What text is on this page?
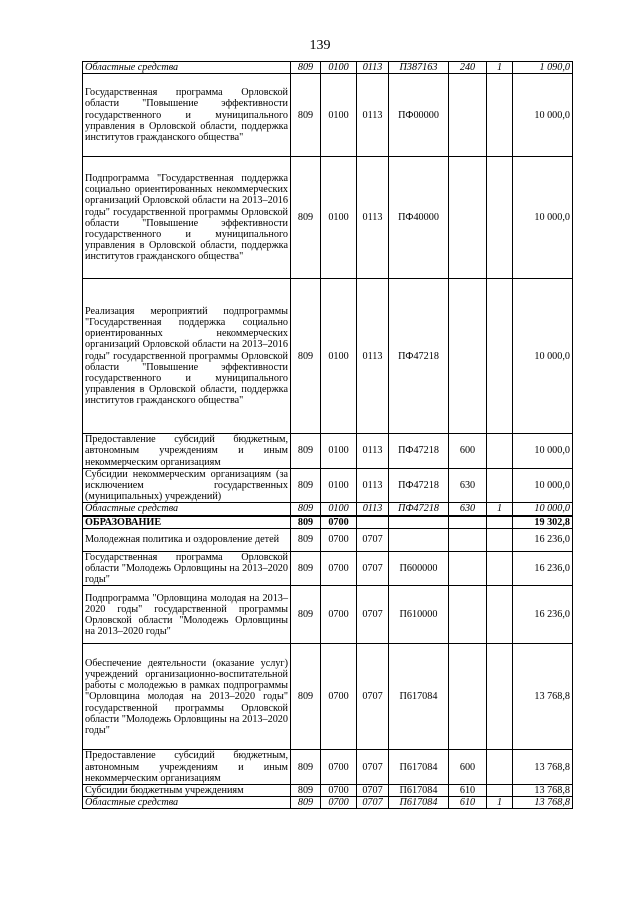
139
Областные средства	809	0100	0113	П387163	240	1	1 090,0
Государственная программа Орловской области "Повышение эффективности государственного и муниципального управления в Орловской области, поддержка институтов гражданского общества"	809	0100	0113	ПФ00000			10 000,0
Подпрограмма "Государственная поддержка социально ориентированных некоммерческих организаций Орловской области на 2013–2016 годы" государственной программы Орловской области "Повышение эффективности государственного и муниципального управления в Орловской области, поддержка институтов гражданского общества"	809	0100	0113	ПФ40000			10 000,0
Реализация мероприятий подпрограммы "Государственная поддержка социально ориентированных некоммерческих организаций Орловской области на 2013–2016 годы" государственной программы Орловской области "Повышение эффективности государственного и муниципального управления в Орловской области, поддержка институтов гражданского общества"	809	0100	0113	ПФ47218			10 000,0
Предоставление субсидий бюджетным, автономным учреждениям и иным некоммерческим организациям	809	0100	0113	ПФ47218	600		10 000,0
Субсидии некоммерческим организациям (за исключением государственных (муниципальных) учреждений)	809	0100	0113	ПФ47218	630		10 000,0
Областные средства	809	0100	0113	ПФ47218	630	1	10 000,0
ОБРАЗОВАНИЕ	809	0700					19 302,8
Молодежная политика и оздоровление детей	809	0700	0707				16 236,0
Государственная программа Орловской области "Молодежь Орловщины на 2013–2020 годы"	809	0700	0707	П600000			16 236,0
Подпрограмма "Орловщина молодая на 2013–2020 годы" государственной программы Орловской области "Молодежь Орловщины на 2013–2020 годы"	809	0700	0707	П610000			16 236,0
Обеспечение деятельности (оказание услуг) учреждений организационно-воспитательной работы с молодежью в рамках подпрограммы "Орловщина молодая на 2013–2020 годы" государственной программы Орловской области "Молодежь Орловщины на 2013–2020 годы"	809	0700	0707	П617084			13 768,8
Предоставление субсидий бюджетным, автономным учреждениям и иным некоммерческим организациям	809	0700	0707	П617084	600		13 768,8
Субсидии бюджетным учреждениям	809	0700	0707	П617084	610		13 768,8
Областные средства	809	0700	0707	П617084	610	1	13 768,8
